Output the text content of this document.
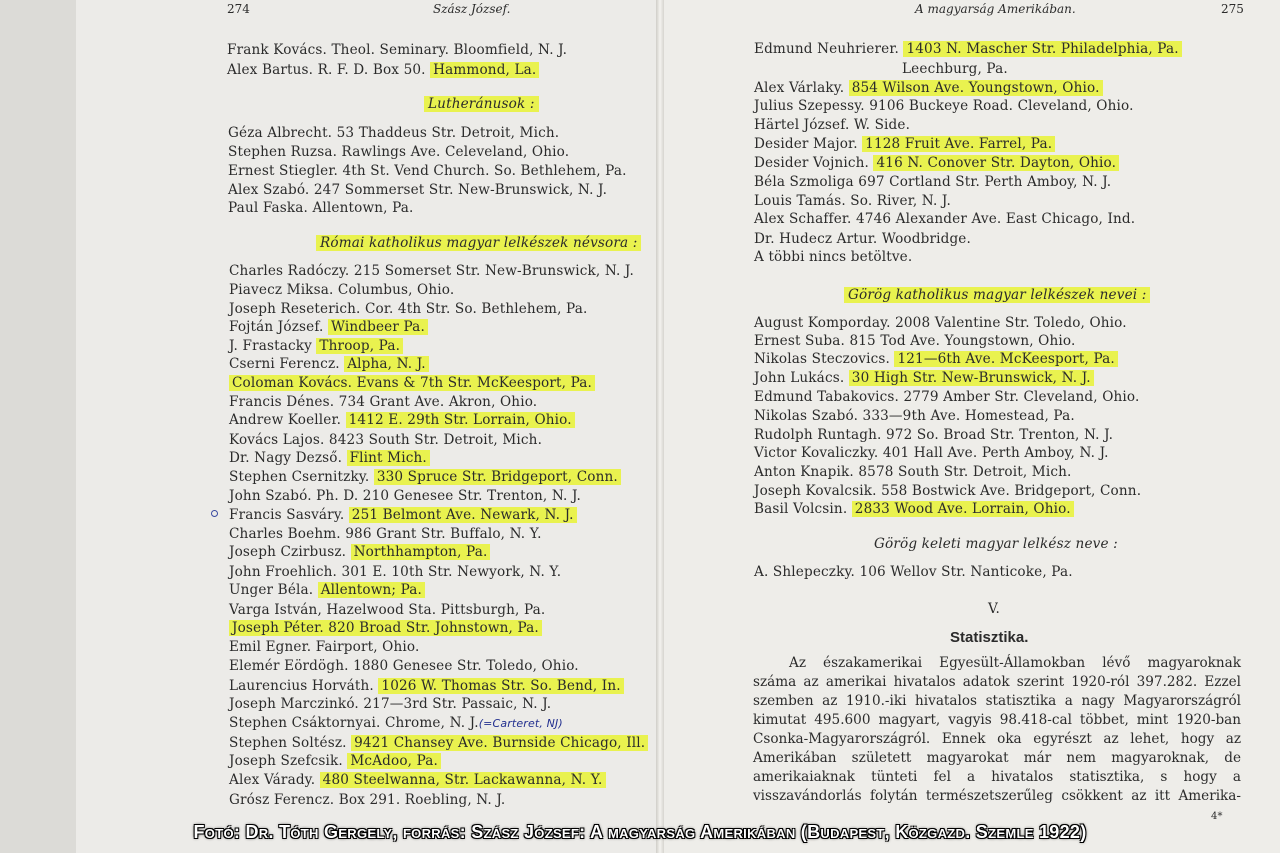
274	Szász József.	A magyarság Amerikában.	275
Frank Kovács. Theol. Seminary. Bloomfield, N. J.
Alex Bartus. R. F. D. Box 50. Hammond, La.
Lutheránusok :
Géza Albrecht. 53 Thaddeus Str. Detroit, Mich.
Stephen Ruzsa. Rawlings Ave. Celeveland, Ohio.
Ernest Stiegler. 4th St. Vend Church. So. Bethlehem, Pa.
Alex Szabó. 247 Sommerset Str. New-Brunswick, N. J.
Paul Faska. Allentown, Pa.
Római katholikus magyar lelkészek névsora :
Charles Radóczy. 215 Somerset Str. New-Brunswick, N. J.
Piavecz Miksa. Columbus, Ohio.
Joseph Reseterich. Cor. 4th Str. So. Bethlehem, Pa.
Fojtán József. Windbeer Pa.
J. Frastacky Throop, Pa.
Cserni Ferencz. Alpha, N. J.
Coloman Kovács. Evans & 7th Str. McKeesport, Pa.
Francis Dénes. 734 Grant Ave. Akron, Ohio.
Andrew Koeller. 1412 E. 29th Str. Lorrain, Ohio.
Kovács Lajos. 8423 South Str. Detroit, Mich.
Dr. Nagy Dezső. Flint Mich.
Stephen Csernitzky. 330 Spruce Str. Bridgeport, Conn.
John Szabó. Ph. D. 210 Genesee Str. Trenton, N. J.
Francis Sasváry. 251 Belmont Ave. Newark, N. J.
Charles Boehm. 986 Grant Str. Buffalo, N. Y.
Joseph Czirbusz. Northhampton, Pa.
John Froehlich. 301 E. 10th Str. Newyork, N. Y.
Unger Béla. Allentown; Pa.
Varga István, Hazelwood Sta. Pittsburgh, Pa.
Joseph Péter. 820 Broad Str. Johnstown, Pa.
Emil Egner. Fairport, Ohio.
Elemér Eördögh. 1880 Genesee Str. Toledo, Ohio.
Laurencius Horváth. 1026 W. Thomas Str. So. Bend, In.
Joseph Marczinkó. 217—3rd Str. Passaic, N. J.
Stephen Csáktornyai. Chrome, N. J.(=Carteret, NJ)
Stephen Soltész. 9421 Chansey Ave. Burnside Chicago, Ill.
Joseph Szefcsik. McAdoo, Pa.
Alex Várady. 480 Steelwanna, Str. Lackawanna, N. Y.
Grósz Ferencz. Box 291. Roebling, N. J.
Edmund Neuhrierer. 1403 N. Mascher Str. Philadelphia, Pa.
Leechburg, Pa.
Alex Várlaky. 854 Wilson Ave. Youngstown, Ohio.
Julius Szepessy. 9106 Buckeye Road. Cleveland, Ohio.
Härtel József. W. Side.
Desider Major. 1128 Fruit Ave. Farrel, Pa.
Desider Vojnich. 416 N. Conover Str. Dayton, Ohio.
Béla Szmoliga 697 Cortland Str. Perth Amboy, N. J.
Louis Tamás. So. River, N. J.
Alex Schaffer. 4746 Alexander Ave. East Chicago, Ind.
Dr. Hudecz Artur. Woodbridge.
A többi nincs betöltve.
Görög katholikus magyar lelkészek nevei :
August Komporday. 2008 Valentine Str. Toledo, Ohio.
Ernest Suba. 815 Tod Ave. Youngstown, Ohio.
Nikolas Steczovics. 121—6th Ave. McKeesport, Pa.
John Lukács. 30 High Str. New-Brunswick, N. J.
Edmund Tabakovics. 2779 Amber Str. Cleveland, Ohio.
Nikolas Szabó. 333—9th Ave. Homestead, Pa.
Rudolph Runtagh. 972 So. Broad Str. Trenton, N. J.
Victor Kovaliczky. 401 Hall Ave. Perth Amboy, N. J.
Anton Knapik. 8578 South Str. Detroit, Mich.
Joseph Kovalcsik. 558 Bostwick Ave. Bridgeport, Conn.
Basil Volcsin. 2833 Wood Ave. Lorrain, Ohio.
Görög keleti magyar lelkész neve :
A. Shlepeczky. 106 Wellov Str. Nanticoke, Pa.
V.
Statisztika.
Az északamerikai Egyesült-Államokban lévő magyaroknak
száma az amerikai hivatalos adatok szerint 1920-ról 397.282. Ezzel
szemben az 1910.-iki hivatalos statisztika a nagy Magyarországról
kimutat 495.600 magyart, vagyis 98.418-cal többet, mint 1920-ban
Csonka-Magyarországról. Ennek oka egyrészt az lehet, hogy az
Amerikában született magyarokat már nem magyaroknak, de
amerikaiaknak tünteti fel a hivatalos statisztika, s hogy a
visszavándorlás folytán természetszerűleg csökkent az itt Amerika-
4*
Fotó: Dr. Tóth Gergely, forrás: Szász József: A magyarság Amerikában (Budapest, Közgazd. Szemle 1922)
